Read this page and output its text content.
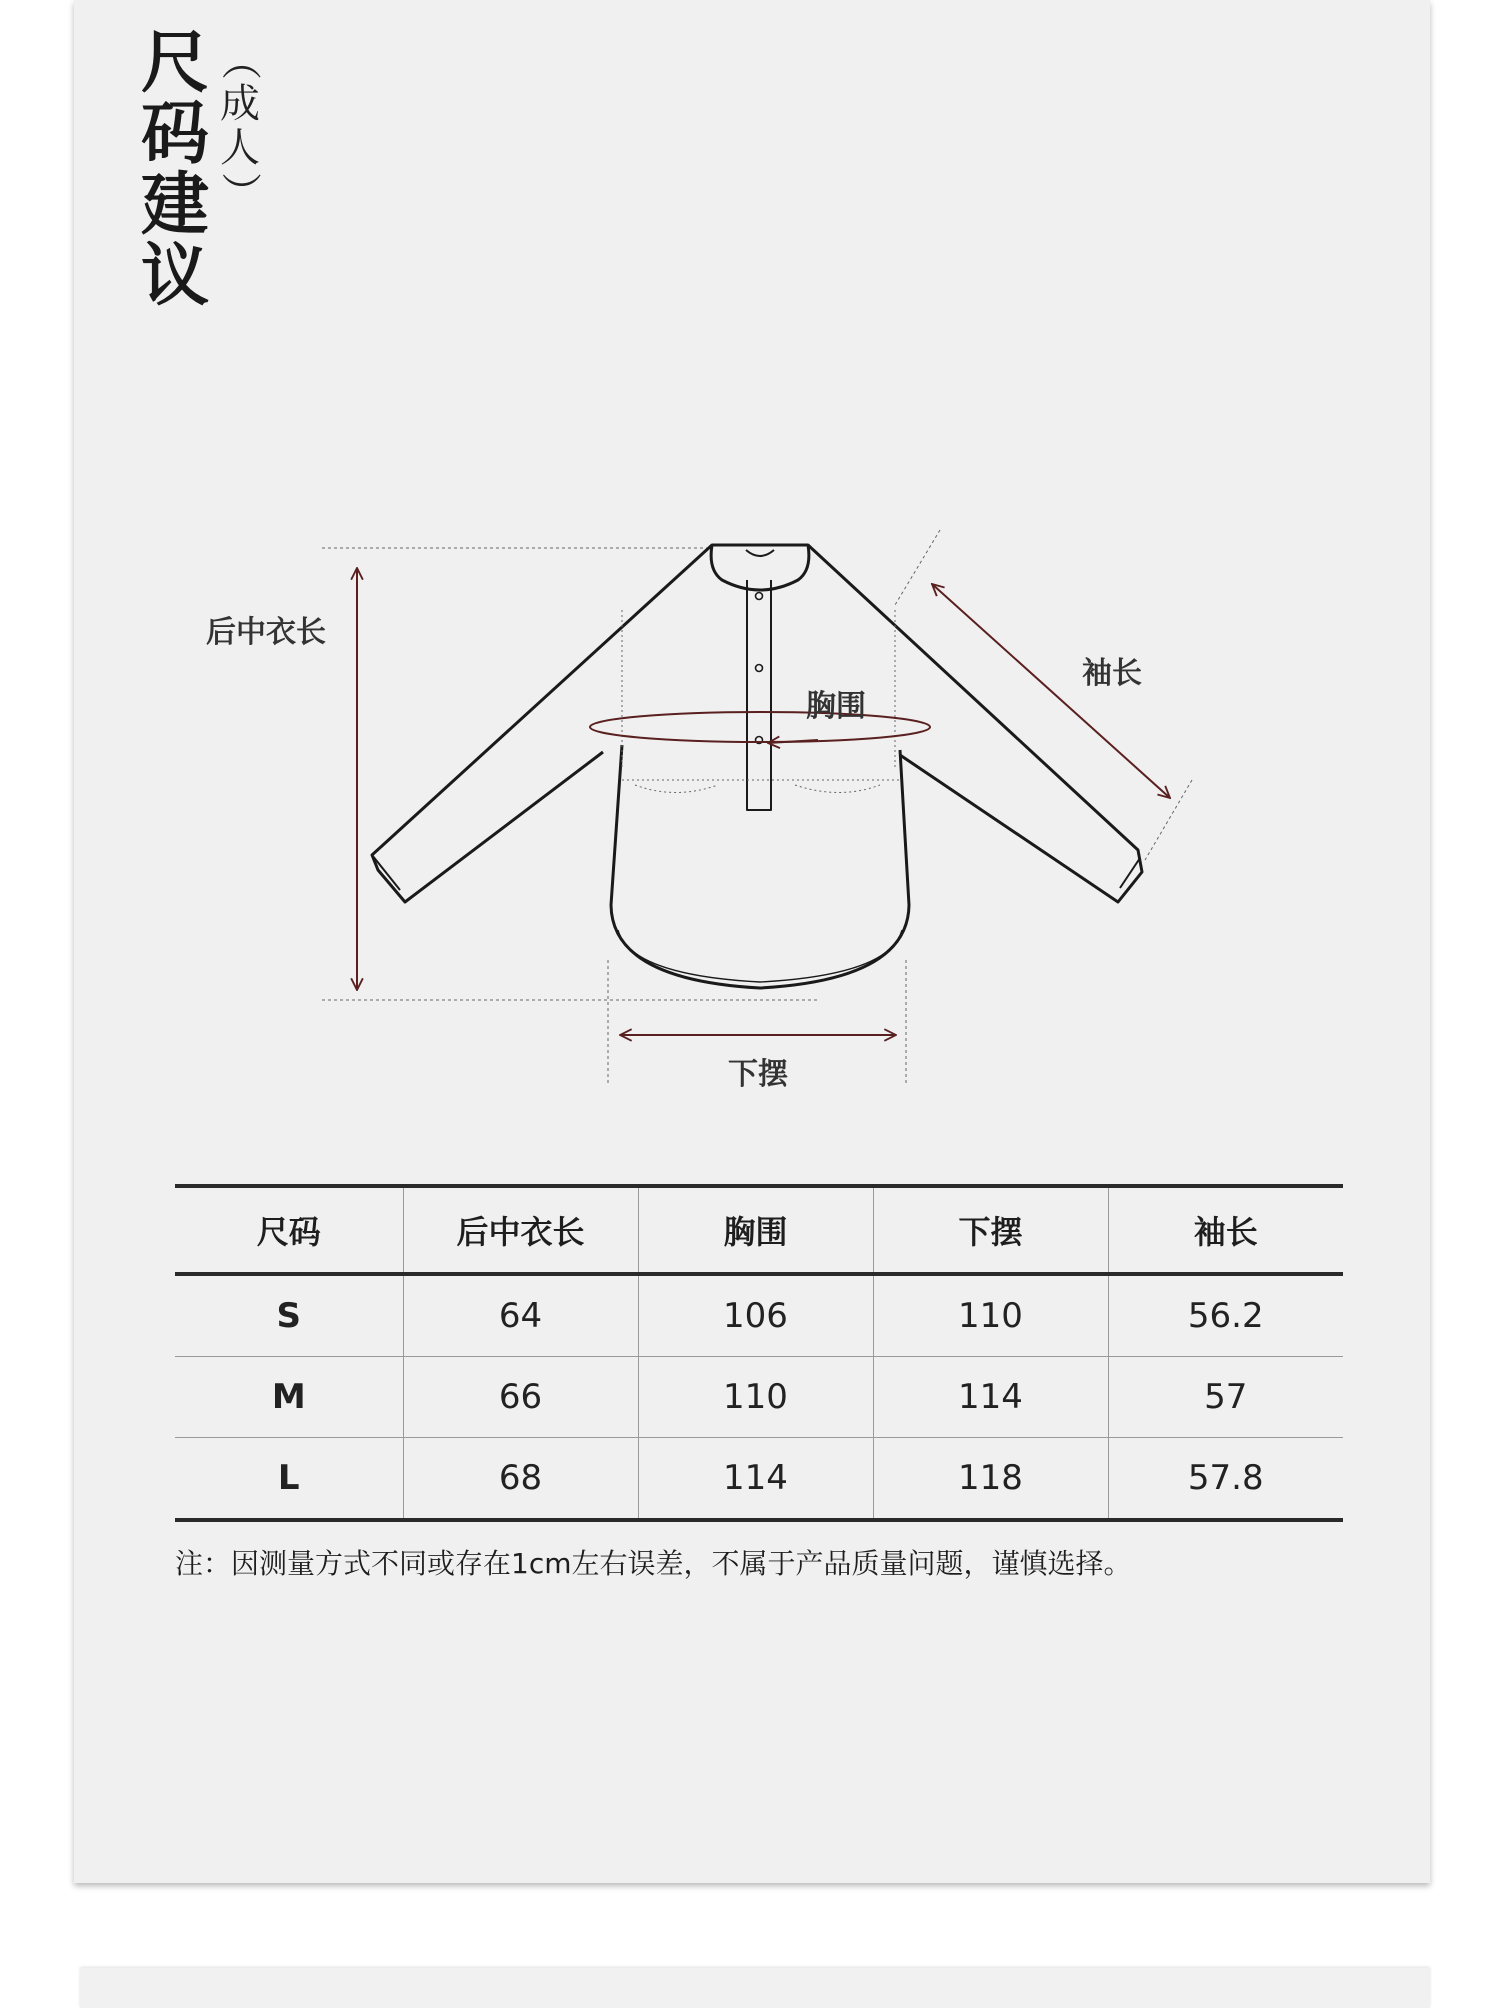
尺
码
建
议
（
成
人
）
后中衣长
胸围
下摆
袖长
尺码	后中衣长	胸围	下摆	袖长
S	64	106	110	56.2
M	66	110	114	57
L	68	114	118	57.8
注：因测量方式不同或存在1cm左右误差，不属于产品质量问题，谨慎选择。
